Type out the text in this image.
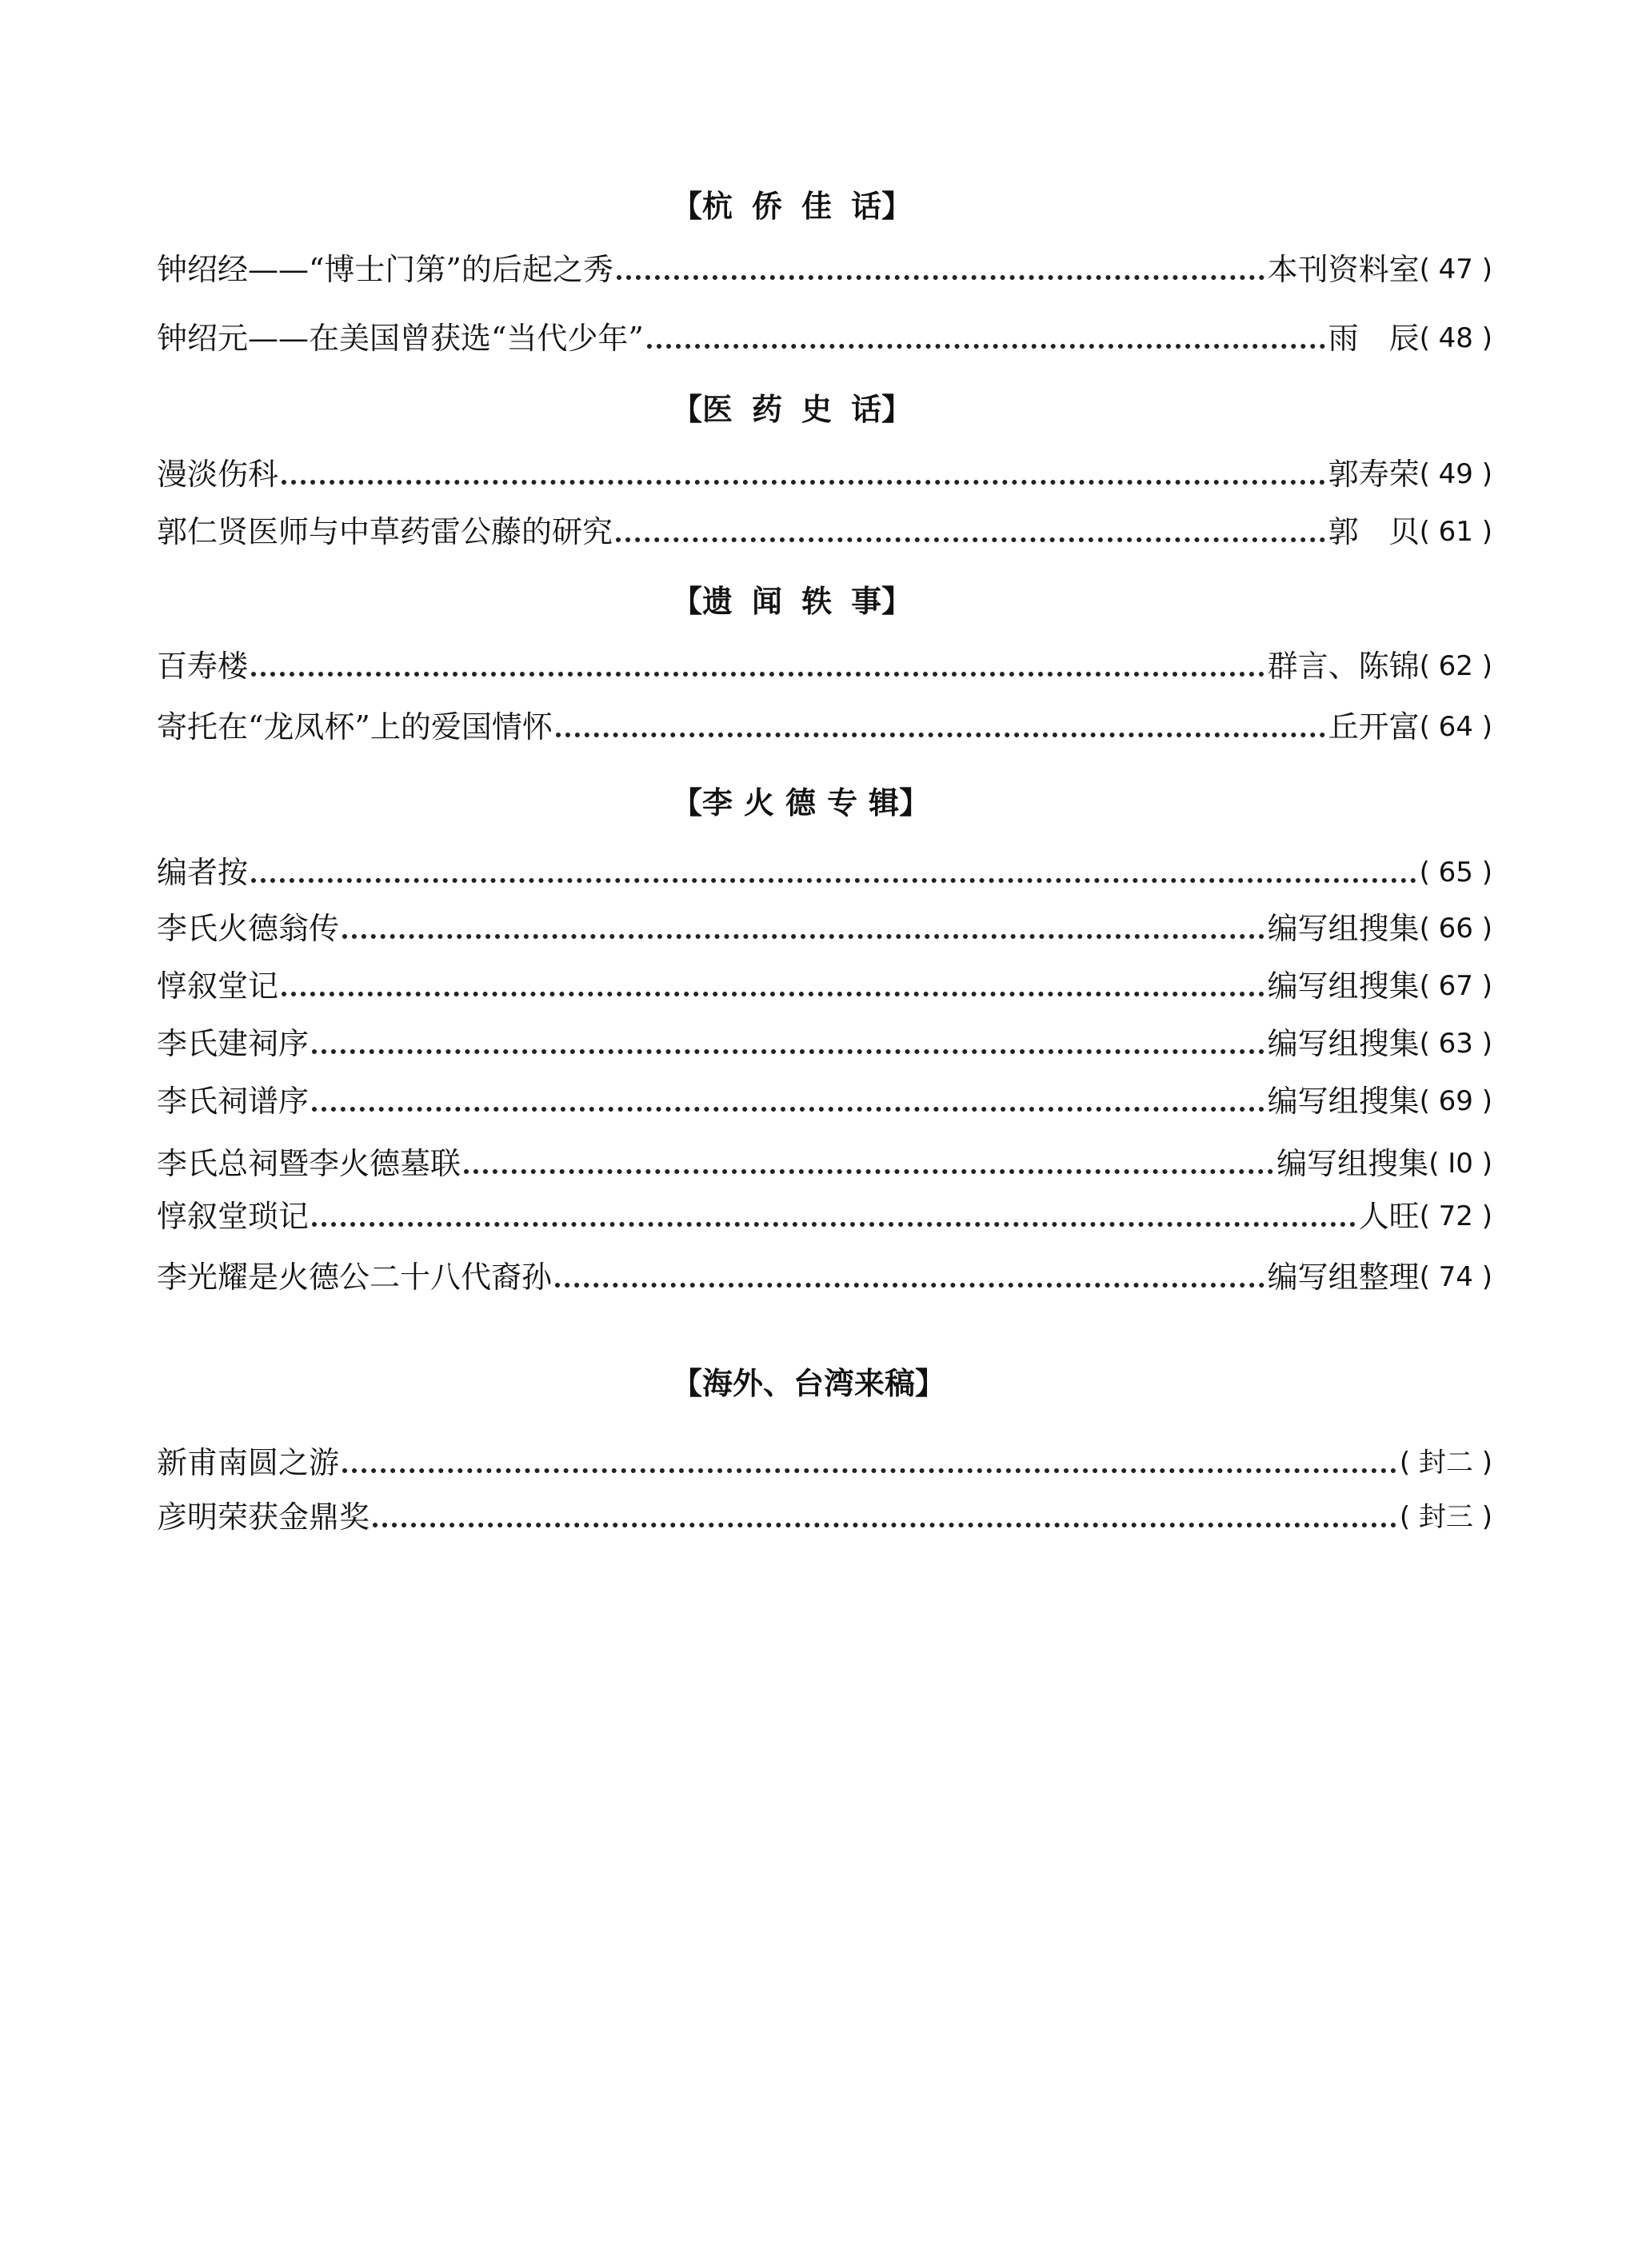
【杭 侨 佳 话】
钟绍经——“博士门第”的后起之秀	本刊资料室 ( 47 )
钟绍元——在美国曾获选“当代少年”	雨　辰 ( 48 )
【医 药 史 话】
漫淡伤科	郭寿荣 ( 49 )
郭仁贤医师与中草药雷公藤的研究	郭　贝 ( 61 )
【遗 闻 轶 事】
百寿楼	群言、陈锦 ( 62 )
寄托在“龙凤杯”上的爱国情怀	丘开富 ( 64 )
【李 火 德 专 辑】
编者按	( 65 )
李氏火德翁传	编写组搜集 ( 66 )
惇叙堂记	编写组搜集 ( 67 )
李氏建祠序	编写组搜集 ( 63 )
李氏祠谱序	编写组搜集 ( 69 )
李氏总祠暨李火德墓联	编写组搜集 ( I0 )
惇叙堂琐记	人旺 ( 72 )
李光耀是火德公二十八代裔孙	编写组整理 ( 74 )
【海外、台湾来稿】
新甫南圆之游	( 封二 )
彦明荣获金鼎奖	( 封三 )
